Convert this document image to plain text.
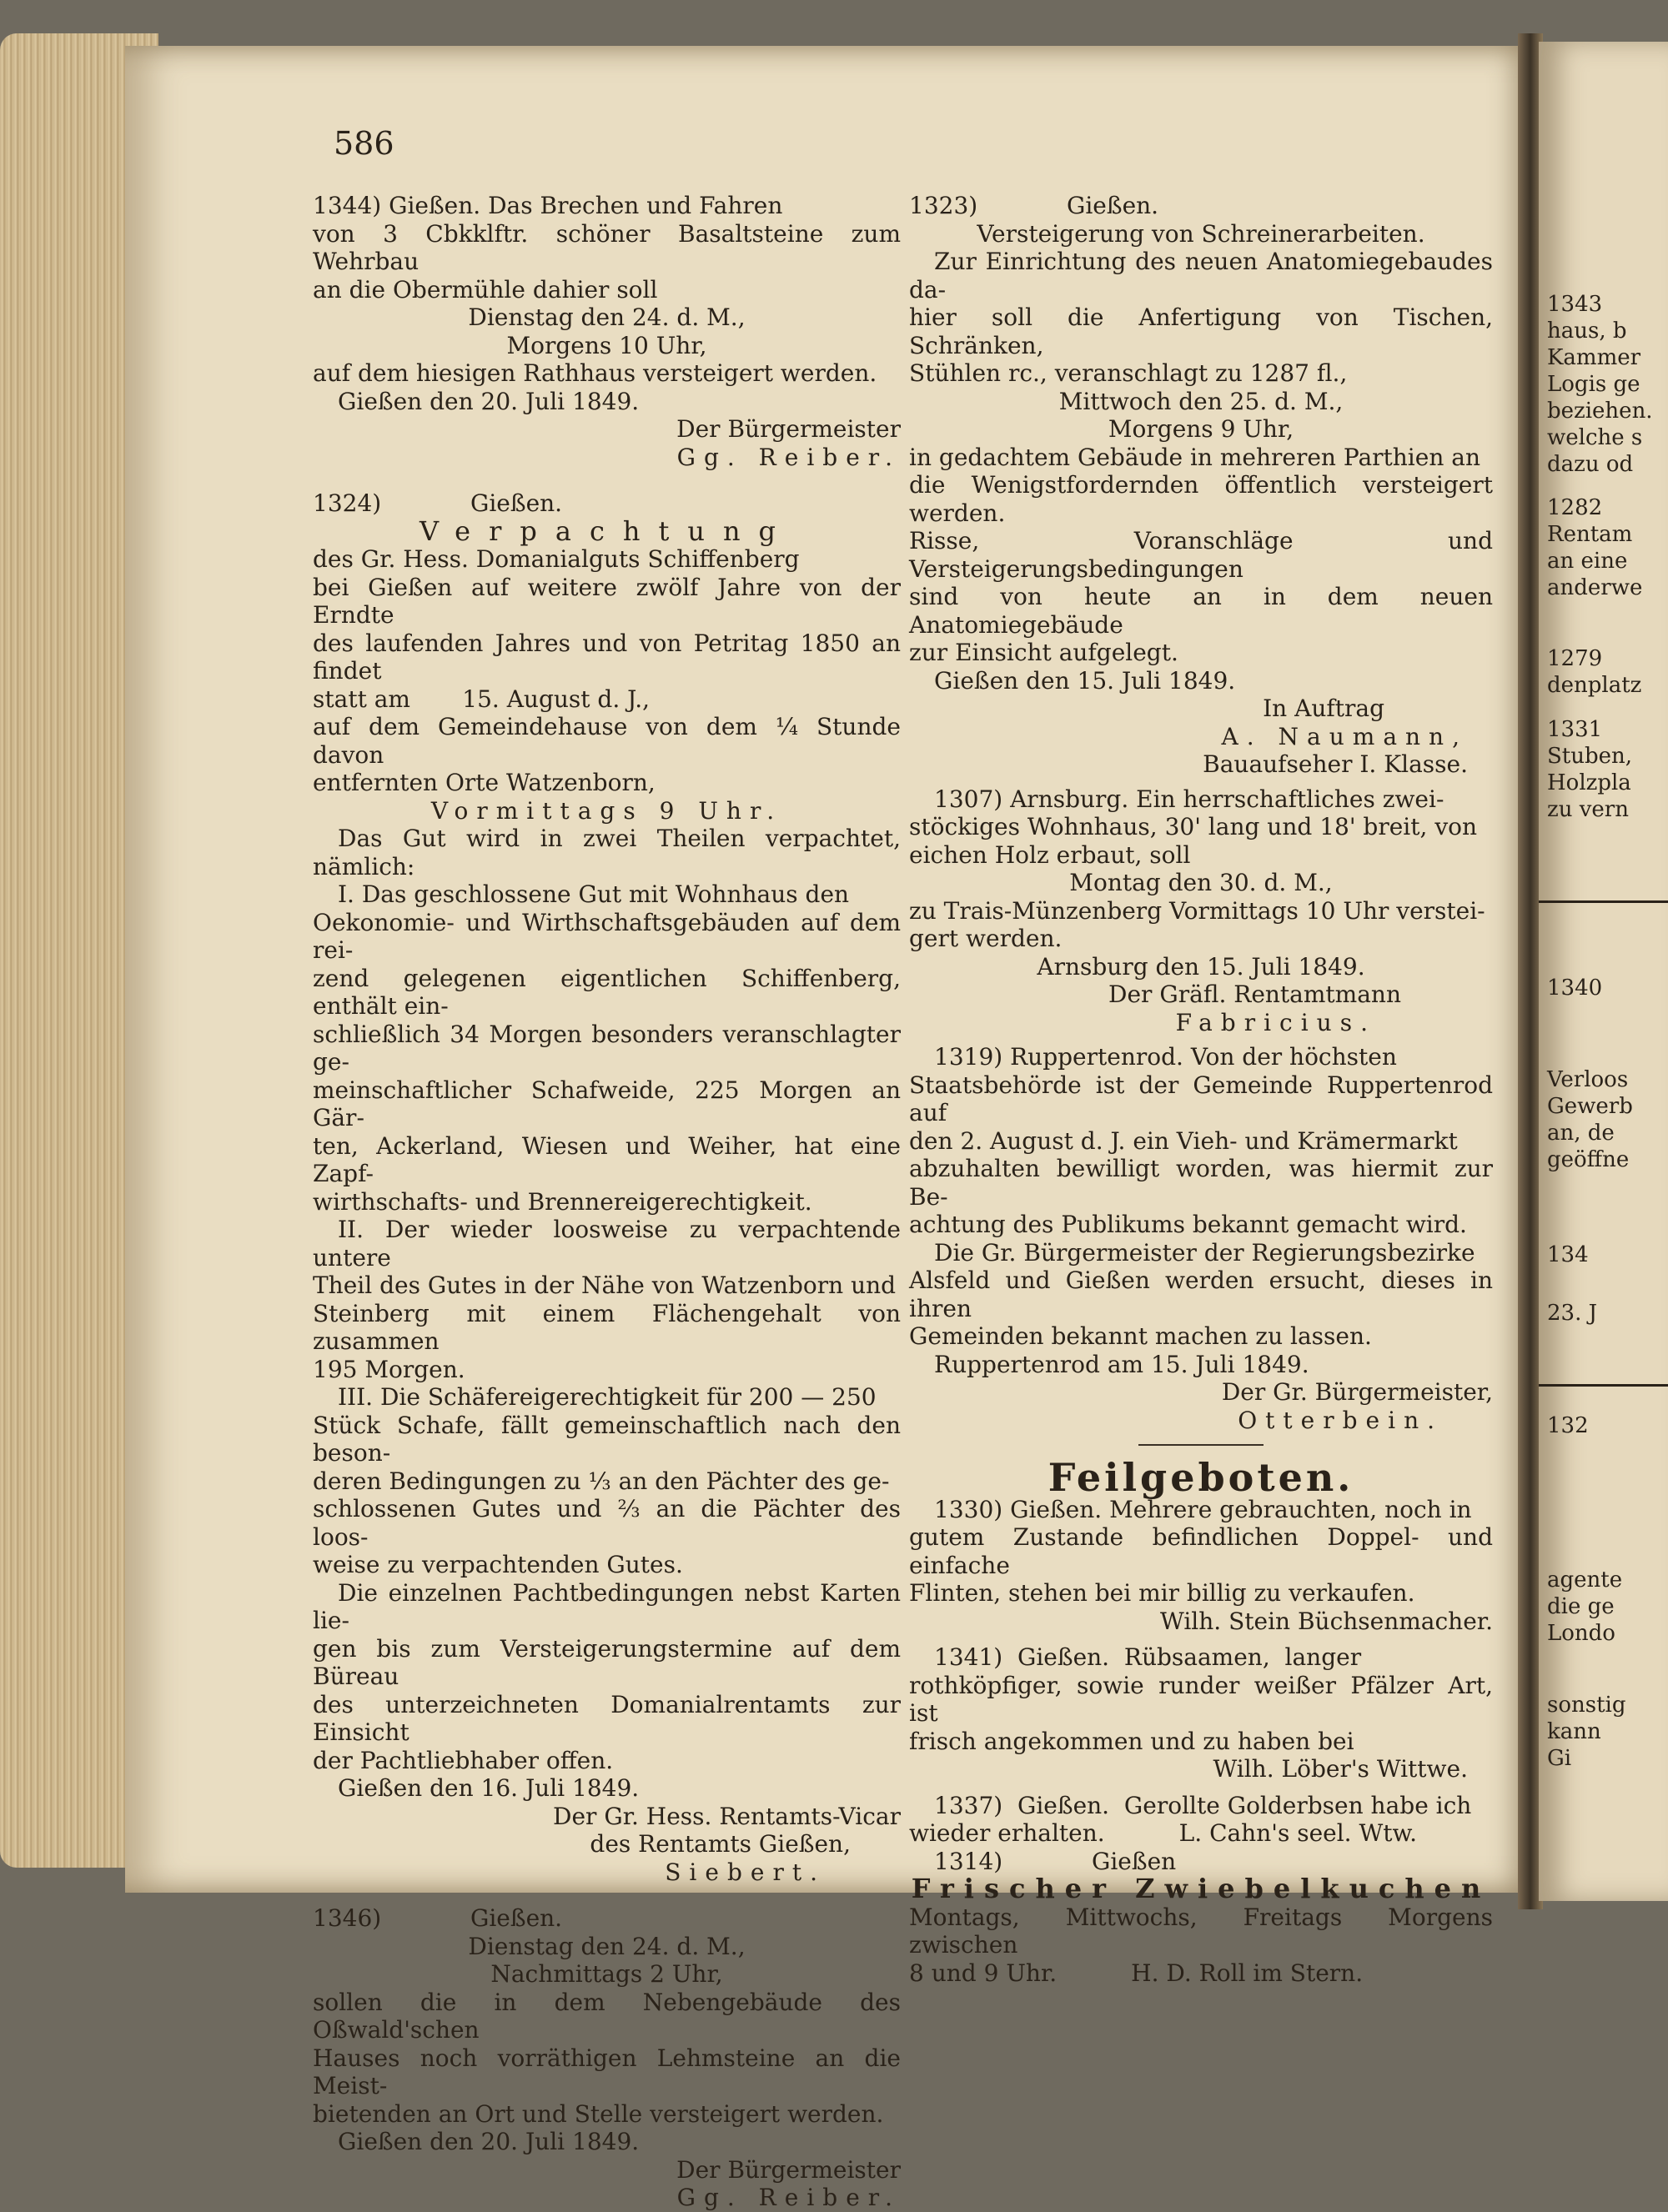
1343
haus, b
Kammer
Logis ge
beziehen.
welche s
dazu od
1282
Rentam
an eine
anderwe
1279
denplatz
1331
Stuben,
Holzpla
zu vern
1340
Verloos
Gewerb
an, de
geöffne
134
23. J
132
agente
die ge
Londo
sonstig
kann
Gi
586

1344) Gießen. Das Brechen und Fahren

von 3 Cbkklftr. schöner Basaltsteine zum Wehrbau

an die Obermühle dahier soll

Dienstag den 24. d. M.,

Morgens 10 Uhr,

auf dem hiesigen Rathhaus versteigert werden.

Gießen den 20. Juli 1849.

Der Bürgermeister

Gg. Reiber.

1324)            Gießen.

Verpachtung

des Gr. Hess. Domanialguts Schiffenberg

bei Gießen auf weitere zwölf Jahre von der Erndte

des laufenden Jahres und von Petritag 1850 an findet

statt am       15. August d. J.,

auf dem Gemeindehause von dem ¼ Stunde davon

entfernten Orte Watzenborn,

Vormittags 9 Uhr.

Das Gut wird in zwei Theilen verpachtet, nämlich:

I. Das geschlossene Gut mit Wohnhaus den

Oekonomie- und Wirthschaftsgebäuden auf dem rei-

zend gelegenen eigentlichen Schiffenberg, enthält ein-

schließlich 34 Morgen besonders veranschlagter ge-

meinschaftlicher Schafweide, 225 Morgen an Gär-

ten, Ackerland, Wiesen und Weiher, hat eine Zapf-

wirthschafts- und Brennereigerechtigkeit.

II. Der wieder loosweise zu verpachtende untere

Theil des Gutes in der Nähe von Watzenborn und

Steinberg mit einem Flächengehalt von zusammen

195 Morgen.

III. Die Schäfereigerechtigkeit für 200 — 250

Stück Schafe, fällt gemeinschaftlich nach den beson-

deren Bedingungen zu ⅓ an den Pächter des ge-

schlossenen Gutes und ⅔ an die Pächter des loos-

weise zu verpachtenden Gutes.

Die einzelnen Pachtbedingungen nebst Karten lie-

gen bis zum Versteigerungstermine auf dem Büreau

des unterzeichneten Domanialrentamts zur Einsicht

der Pachtliebhaber offen.

Gießen den 16. Juli 1849.

Der Gr. Hess. Rentamts-Vicar

des Rentamts Gießen,

Siebert.

1346)            Gießen.

Dienstag den 24. d. M.,

Nachmittags 2 Uhr,

sollen die in dem Nebengebäude des Oßwald'schen

Hauses noch vorräthigen Lehmsteine an die Meist-

bietenden an Ort und Stelle versteigert werden.

Gießen den 20. Juli 1849.

Der Bürgermeister

Gg. Reiber.

1323)            Gießen.

Versteigerung von Schreinerarbeiten.

Zur Einrichtung des neuen Anatomiegebaudes da-

hier soll die Anfertigung von Tischen, Schränken,

Stühlen rc., veranschlagt zu 1287 fl.,

Mittwoch den 25. d. M.,

Morgens 9 Uhr,

in gedachtem Gebäude in mehreren Parthien an

die Wenigstfordernden öffentlich versteigert werden.

Risse, Voranschläge und Versteigerungsbedingungen

sind von heute an in dem neuen Anatomiegebäude

zur Einsicht aufgelegt.

Gießen den 15. Juli 1849.

In Auftrag

A. Naumann,

Bauaufseher I. Klasse.

1307) Arnsburg. Ein herrschaftliches zwei-

stöckiges Wohnhaus, 30' lang und 18' breit, von

eichen Holz erbaut, soll

Montag den 30. d. M.,

zu Trais-Münzenberg Vormittags 10 Uhr verstei-

gert werden.

Arnsburg den 15. Juli 1849.

Der Gräfl. Rentamtmann

Fabricius.

1319) Ruppertenrod. Von der höchsten

Staatsbehörde ist der Gemeinde Ruppertenrod auf

den 2. August d. J. ein Vieh- und Krämermarkt

abzuhalten bewilligt worden, was hiermit zur Be-

achtung des Publikums bekannt gemacht wird.

Die Gr. Bürgermeister der Regierungsbezirke

Alsfeld und Gießen werden ersucht, dieses in ihren

Gemeinden bekannt machen zu lassen.

Ruppertenrod am 15. Juli 1849.

Der Gr. Bürgermeister,

Otterbein.

Feilgeboten.

1330) Gießen. Mehrere gebrauchten, noch in

gutem Zustande befindlichen Doppel- und einfache

Flinten, stehen bei mir billig zu verkaufen.

Wilh. Stein Büchsenmacher.

1341)  Gießen.  Rübsaamen,  langer

rothköpfiger, sowie runder weißer Pfälzer Art, ist

frisch angekommen und zu haben bei

Wilh. Löber's Wittwe.

1337)  Gießen.  Gerollte Golderbsen habe ich

wieder erhalten.          L. Cahn's seel. Wtw.

1314)            Gießen

Frischer Zwiebelkuchen

Montags, Mittwochs, Freitags Morgens zwischen

8 und 9 Uhr.          H. D. Roll im Stern.
